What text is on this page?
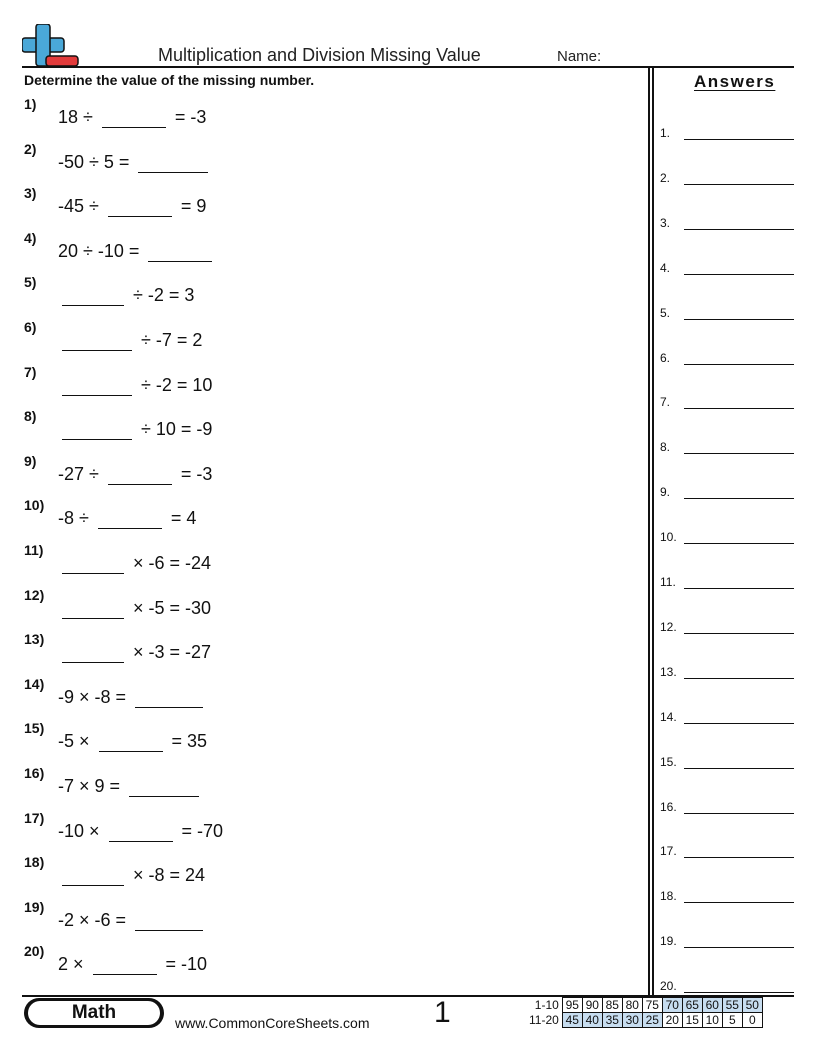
Multiplication and Division Missing Value	Name:
Determine the value of the missing number.	Answers
1)
18 ÷	= -3
2)
-50 ÷ 5 =
3)
-45 ÷	= 9
4)
20 ÷ -10 =
5)
÷ -2 = 3
6)
÷ -7 = 2
7)
÷ -2 = 10
8)
÷ 10 = -9
9)
-27 ÷	= -3
10)
-8 ÷	= 4
11)
× -6 = -24
12)
× -5 = -30
13)
× -3 = -27
14)
-9 × -8 =
15)
-5 ×	= 35
16)
-7 × 9 =
17)
-10 ×	= -70
18)
× -8 = 24
19)
-2 × -6 =
20)
2 ×	= -10
1.
2.
3.
4.
5.
6.
7.
8.
9.
10.
11.
12.
13.
14.
15.
16.
17.
18.
19.
20.
Math	www.CommonCoreSheets.com 1	1-10	95	90	85	80	75	70	65	60	55	50
11-20	45	40	35	30	25	20	15	10	5	0
